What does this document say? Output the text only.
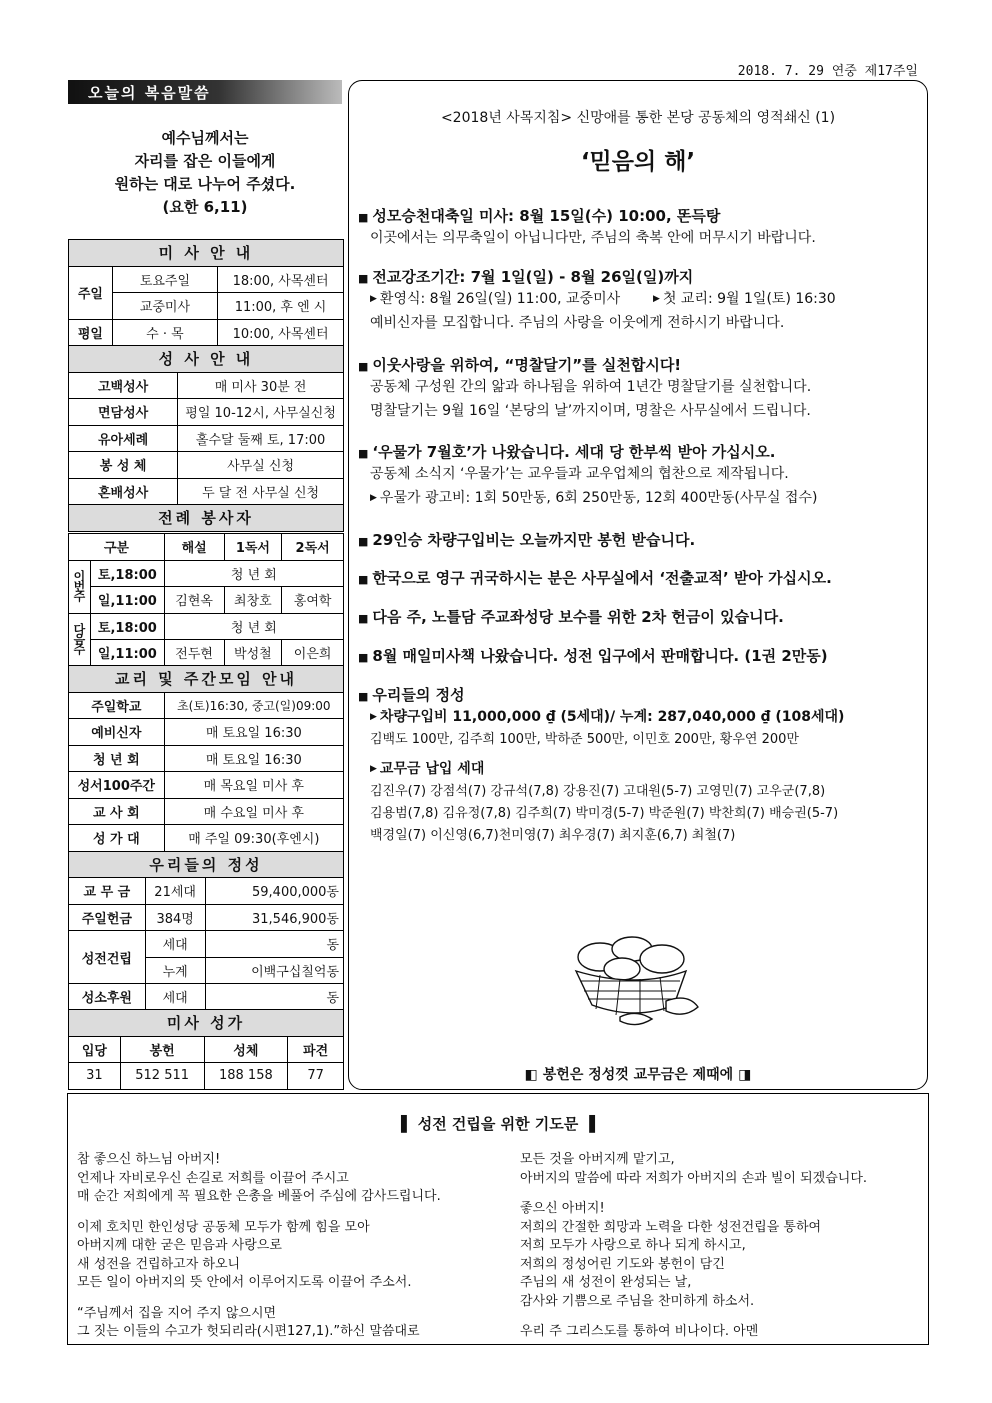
2018. 7. 29 연중 제17주일
오늘의 복음말씀
예수님께서는
자리를 잡은 이들에게
원하는 대로 나누어 주셨다.
(요한 6,11)
미 사 안 내			
주일	토요주일		18:00, 사목센터
	교중미사		11:00, 후 엔 시
평일	수 · 목		10:00, 사목센터
성 사 안 내			
고백성사		매 미사 30분 전	
면담성사		평일 10-12시, 사무실신청	
유아세례		홀수달 둘째 토, 17:00	
봉 성 체		사무실 신청	
혼배성사		두 달 전 사무실 신청	
전례 봉사자			
구분		해설	1독서	2독서
이번주	토,18:00	청 년 회		
	일,11:00	김현옥	최창호	홍여학
다음주	토,18:00	청 년 회		
	일,11:00	전두현	박성철	이은희
교리 및 주간모임 안내	
주일학교	초(토)16:30, 중고(일)09:00
예비신자	매 토요일 16:30
청 년 회	매 토요일 16:30
성서100주간	매 목요일 미사 후
교 사 회	매 수요일 미사 후
성 가 대	매 주일 09:30(후엔시)
우리들의 정성	
교 무 금	21세대	59,400,000동
주일헌금	384명	31,546,900동
성전건립	세대	동
	누계	이백구십칠억동
성소후원	세대	동
미사 성가			
입당	봉헌	성체	파견
31	512 511	188 158	77
<2018년 사목지침> 신망애를 통한 본당 공동체의 영적쇄신 (1)
‘믿음의 해’
■ 성모승천대축일 미사: 8월 15일(수) 10:00, 똔득탕
이곳에서는 의무축일이 아닙니다만, 주님의 축복 안에 머무시기 바랍니다.
■ 전교강조기간: 7월 1일(일) - 8월 26일(일)까지
▶ 환영식: 8월 26일(일) 11:00, 교중미사	▶ 첫 교리: 9월 1일(토) 16:30
예비신자를 모집합니다. 주님의 사랑을 이웃에게 전하시기 바랍니다.
■ 이웃사랑을 위하여, “명찰달기”를 실천합시다!
공동체 구성원 간의 앎과 하나됨을 위하여 1년간 명찰달기를 실천합니다.
명찰달기는 9월 16일 ‘본당의 날’까지이며, 명찰은 사무실에서 드립니다.
■ ‘우물가 7월호’가 나왔습니다. 세대 당 한부씩 받아 가십시오.
공동체 소식지 ‘우물가’는 교우들과 교우업체의 협찬으로 제작됩니다.
▶ 우물가 광고비: 1회 50만동, 6회 250만동, 12회 400만동(사무실 접수)
■ 29인승 차량구입비는 오늘까지만 봉헌 받습니다.
■ 한국으로 영구 귀국하시는 분은 사무실에서 ‘전출교적’ 받아 가십시오.
■ 다음 주, 노틀담 주교좌성당 보수를 위한 2차 헌금이 있습니다.
■ 8월 매일미사책 나왔습니다. 성전 입구에서 판매합니다. (1권 2만동)
■ 우리들의 정성
▶ 차량구입비 11,000,000 ₫ (5세대)/ 누계: 287,040,000 ₫ (108세대)
김백도 100만, 김주희 100만, 박하준 500만, 이민호 200만, 황우연 200만
▶ 교무금 납입 세대
김진우(7) 강점석(7) 강규석(7,8) 강용진(7) 고대원(5-7) 고영민(7) 고우군(7,8)
김용범(7,8) 김유정(7,8) 김주희(7) 박미경(5-7) 박준원(7) 박찬희(7) 배승권(5-7)
백경일(7) 이신영(6,7)천미영(7) 최우경(7) 최지훈(6,7) 최철(7)
◧ 봉헌은 정성껏 교무금은 제때에 ◨
▌ 성전 건립을 위한 기도문 ▐
참 좋으신 하느님 아버지!
언제나 자비로우신 손길로 저희를 이끌어 주시고
매 순간 저희에게 꼭 필요한 은총을 베풀어 주심에 감사드립니다.
이제 호치민 한인성당 공동체 모두가 함께 힘을 모아
아버지께 대한 굳은 믿음과 사랑으로
새 성전을 건립하고자 하오니
모든 일이 아버지의 뜻 안에서 이루어지도록 이끌어 주소서.
“주님께서 집을 지어 주지 않으시면
그 짓는 이들의 수고가 헛되리라(시편127,1).”하신 말씀대로
모든 것을 아버지께 맡기고,
아버지의 말씀에 따라 저희가 아버지의 손과 빌이 되겠습니다.
좋으신 아버지!
저희의 간절한 희망과 노력을 다한 성전건립을 통하여
저희 모두가 사랑으로 하나 되게 하시고,
저희의 정성어린 기도와 봉헌이 담긴
주님의 새 성전이 완성되는 날,
감사와 기쁨으로 주님을 찬미하게 하소서.
우리 주 그리스도를 통하여 비나이다. 아멘
